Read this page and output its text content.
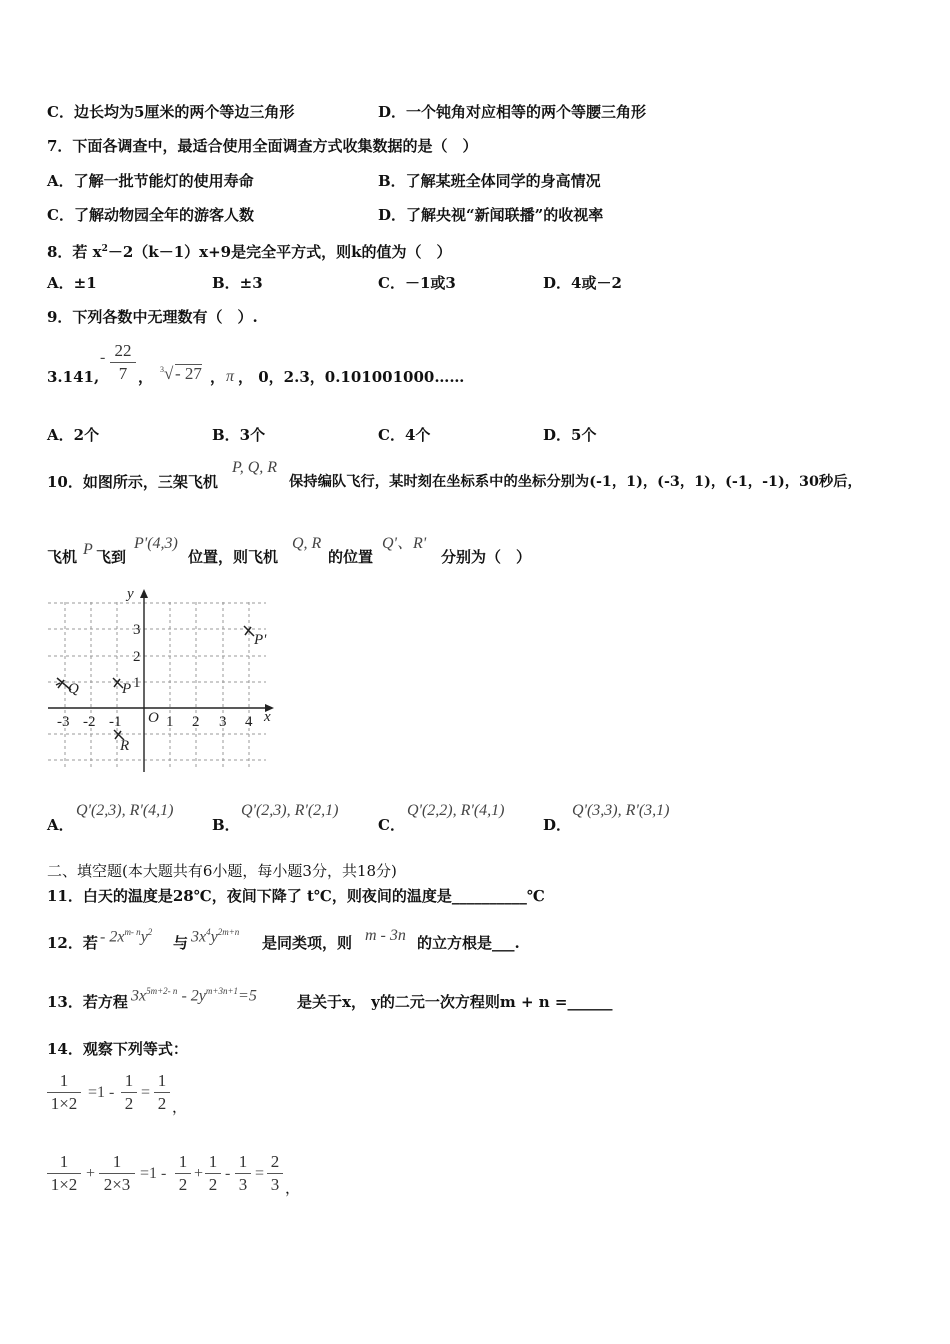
C．边长均为5厘米的两个等边三角形	D．一个钝角对应相等的两个等腰三角形
7．下面各调查中，最适合使用全面调查方式收集数据的是（　）
A．了解一批节能灯的使用寿命	B．了解某班全体同学的身高情况
C．了解动物园全年的游客人数	D．了解央视“新闻联播”的收视率
8．若 $x^2-2(k-1)x+9$是完全平方式，则k的值为（　）
A．±1	B．±3	C．－1或3	D．4或－2
9．下列各数中无理数有（　）.
3.141,
- $\frac{22}{7}$ ， 3 √ - 27 ， π ， 0，2.3，0.101001000……
A．2个	B．3个	C．4个	D．5个
10．如图所示，三架飞机
P, Q, R
保持编队飞行，某时刻在坐标系中的坐标分别为(-1，1)，(-3，1)，(-1，-1)，30秒后，
飞机 P 飞到
P'(4,3)
位置，则飞机
Q, R
的位置
Q'、R'
分别为（　）
x
y
O
-3 -2 -1	1 2 3 4
3
2
1
Q	P
R
P'
A．
Q'(2,3), R'(4,1)
B．
Q'(2,3), R'(2,1)
C．
Q'(2,2), R'(4,1)
D．
Q'(3,3), R'(3,1)
二、填空题(本大题共有6小题，每小题3分，共18分)
11．白天的温度是28℃，夜间下降了 t℃，则夜间的温度是__________℃
12．若 - $2x^{m- n}y^2$
与 $3x^4y^{2m+n}$
是同类项，则 m - 3n 的立方根是___.
13．若方程 $3x^{5m+2- n} - 2y^{m+3n+1}=5$	是关于x， y的二元一次方程则m + n =______
14．观察下列等式：
$\frac{1}{1\times 2} =1 - \frac{1}{2} = \frac{1}{2}$ ，
$\frac{1}{1\times 2} + \frac{1}{2\times 3} =1 - \frac{1}{2} + \frac{1}{2} - \frac{1}{3} = \frac{2}{3}$ ，
